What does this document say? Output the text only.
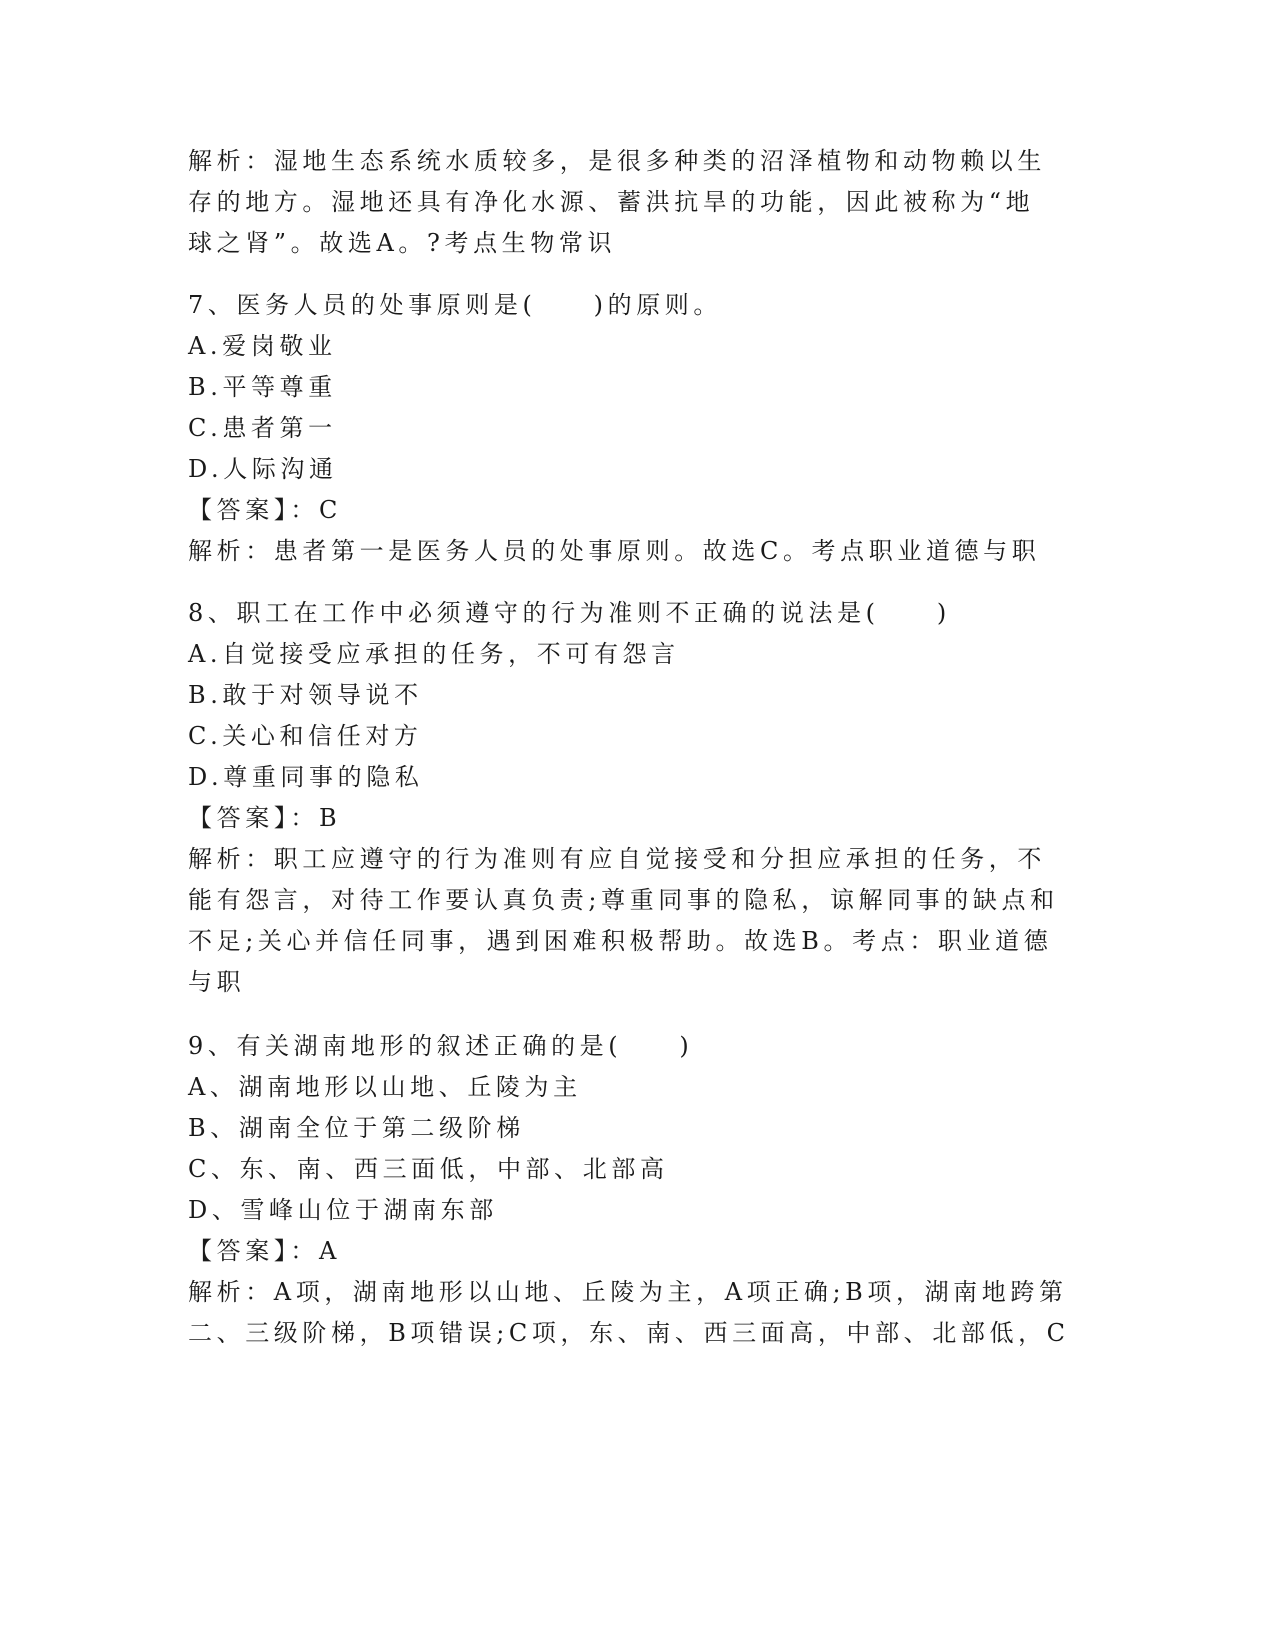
解析：湿地生态系统水质较多，是很多种类的沼泽植物和动物赖以生
存的地方。湿地还具有净化水源、蓄洪抗旱的功能，因此被称为“地
球之肾”。故选A。?考点生物常识
7、医务人员的处事原则是(　　)的原则。
A.爱岗敬业
B.平等尊重
C.患者第一
D.人际沟通
【答案】：C
解析：患者第一是医务人员的处事原则。故选C。考点职业道德与职
8、职工在工作中必须遵守的行为准则不正确的说法是(　　)
A.自觉接受应承担的任务，不可有怨言
B.敢于对领导说不
C.关心和信任对方
D.尊重同事的隐私
【答案】：B
解析：职工应遵守的行为准则有应自觉接受和分担应承担的任务，不
能有怨言，对待工作要认真负责;尊重同事的隐私，谅解同事的缺点和
不足;关心并信任同事，遇到困难积极帮助。故选B。考点：职业道德
与职
9、有关湖南地形的叙述正确的是(　　)
A、湖南地形以山地、丘陵为主
B、湖南全位于第二级阶梯
C、东、南、西三面低，中部、北部高
D、雪峰山位于湖南东部
【答案】：A
解析：A项，湖南地形以山地、丘陵为主，A项正确;B项，湖南地跨第
二、三级阶梯，B项错误;C项，东、南、西三面高，中部、北部低，C
